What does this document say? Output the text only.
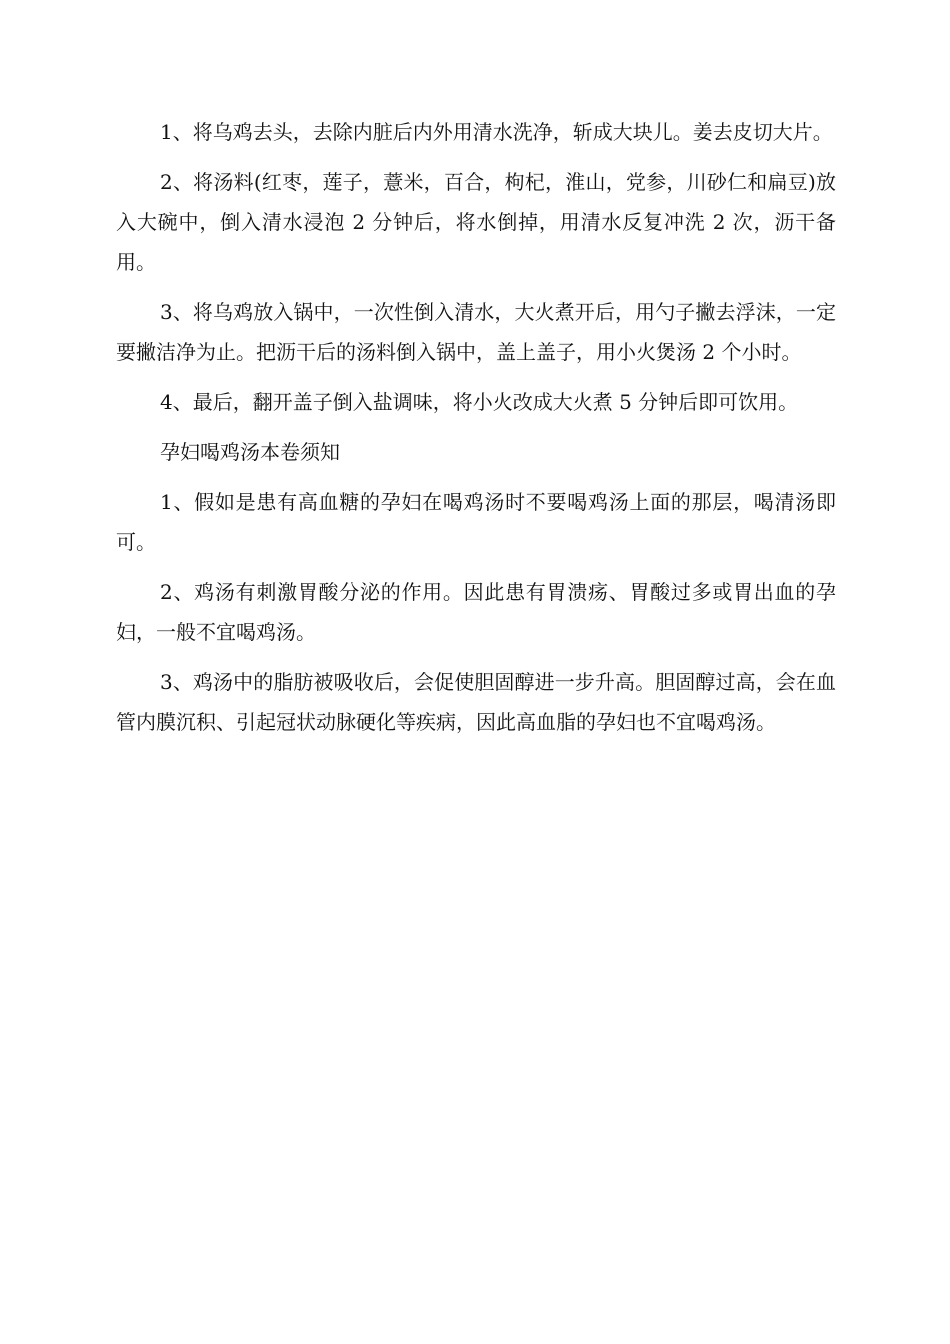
1、将乌鸡去头，去除内脏后内外用清水洗净，斩成大块儿。姜去皮切大片。

2、将汤料(红枣，莲子，薏米，百合，枸杞，淮山，党参，川砂仁和扁豆)放入大碗中，倒入清水浸泡 2 分钟后，将水倒掉，用清水反复冲洗 2 次，沥干备用。

3、将乌鸡放入锅中，一次性倒入清水，大火煮开后，用勺子撇去浮沫，一定要撇洁净为止。把沥干后的汤料倒入锅中，盖上盖子，用小火煲汤 2 个小时。

4、最后，翻开盖子倒入盐调味，将小火改成大火煮 5 分钟后即可饮用。

孕妇喝鸡汤本卷须知

1、假如是患有高血糖的孕妇在喝鸡汤时不要喝鸡汤上面的那层，喝清汤即可。

2、鸡汤有刺激胃酸分泌的作用。因此患有胃溃疡、胃酸过多或胃出血的孕妇，一般不宜喝鸡汤。

3、鸡汤中的脂肪被吸收后，会促使胆固醇进一步升高。胆固醇过高，会在血管内膜沉积、引起冠状动脉硬化等疾病，因此高血脂的孕妇也不宜喝鸡汤。
